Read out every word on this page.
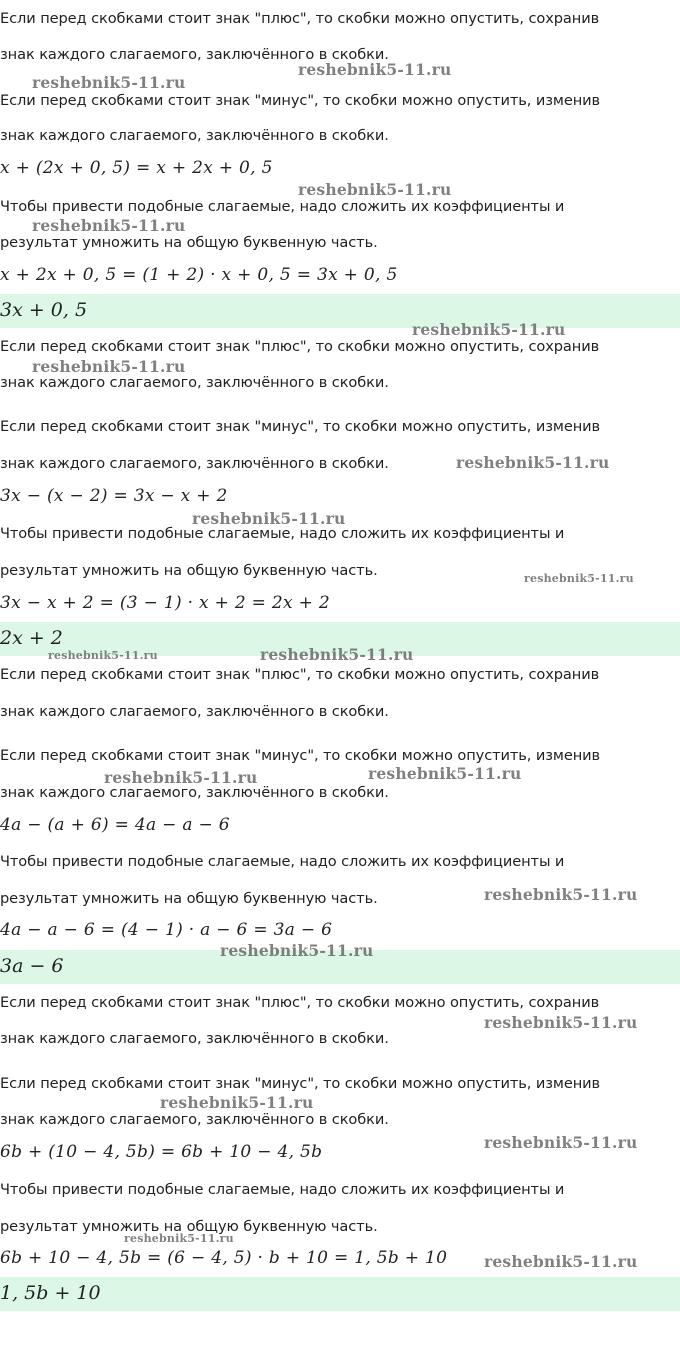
Если перед скобками стоит знак "плюс", то скобки можно опустить, сохранив
знак каждого слагаемого, заключённого в скобки.
Если перед скобками стоит знак "минус", то скобки можно опустить, изменив
знак каждого слагаемого, заключённого в скобки.
x + (2x + 0, 5) = x + 2x + 0, 5
Чтобы привести подобные слагаемые, надо сложить их коэффициенты и
результат умножить на общую буквенную часть.
x + 2x + 0, 5 = (1 + 2) · x + 0, 5 = 3x + 0, 5
3x + 0, 5
Если перед скобками стоит знак "плюс", то скобки можно опустить, сохранив
знак каждого слагаемого, заключённого в скобки.
Если перед скобками стоит знак "минус", то скобки можно опустить, изменив
знак каждого слагаемого, заключённого в скобки.
3x − (x − 2) = 3x − x + 2
Чтобы привести подобные слагаемые, надо сложить их коэффициенты и
результат умножить на общую буквенную часть.
3x − x + 2 = (3 − 1) · x + 2 = 2x + 2
2x + 2
Если перед скобками стоит знак "плюс", то скобки можно опустить, сохранив
знак каждого слагаемого, заключённого в скобки.
Если перед скобками стоит знак "минус", то скобки можно опустить, изменив
знак каждого слагаемого, заключённого в скобки.
4a − (a + 6) = 4a − a − 6
Чтобы привести подобные слагаемые, надо сложить их коэффициенты и
результат умножить на общую буквенную часть.
4a − a − 6 = (4 − 1) · a − 6 = 3a − 6
3a − 6
Если перед скобками стоит знак "плюс", то скобки можно опустить, сохранив
знак каждого слагаемого, заключённого в скобки.
Если перед скобками стоит знак "минус", то скобки можно опустить, изменив
знак каждого слагаемого, заключённого в скобки.
6b + (10 − 4, 5b) = 6b + 10 − 4, 5b
Чтобы привести подобные слагаемые, надо сложить их коэффициенты и
результат умножить на общую буквенную часть.
6b + 10 − 4, 5b = (6 − 4, 5) · b + 10 = 1, 5b + 10
1, 5b + 10
reshebnik5-11.ru
reshebnik5-11.ru
reshebnik5-11.ru
reshebnik5-11.ru
reshebnik5-11.ru
reshebnik5-11.ru
reshebnik5-11.ru
reshebnik5-11.ru
reshebnik5-11.ru
reshebnik5-11.ru	reshebnik5-11.ru
reshebnik5-11.ru	reshebnik5-11.ru
reshebnik5-11.ru
reshebnik5-11.ru
reshebnik5-11.ru
reshebnik5-11.ru
reshebnik5-11.ru
reshebnik5-11.ru
reshebnik5-11.ru
